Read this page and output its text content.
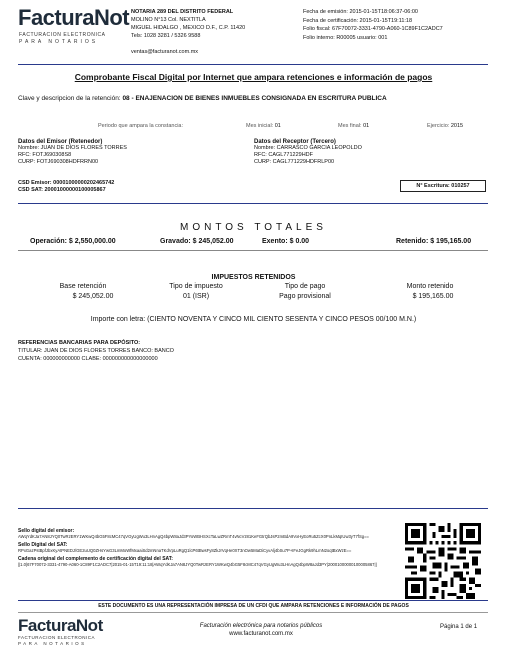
FacturaNot
FACTURACION ELECTRONICA
PARA NOTARIOS
NOTARIA 289 DEL DISTRITO FEDERAL
MOLINO N°13 Col. NEXTITLA
MIGUEL HIDALGO , MEXICO D.F., C.P. 11420
Tels: 1028 3281 / 5326 9588

ventas@facturanot.com.mx
Fecha de emisión: 2015-01-15T18:06:37-06:00
Fecha de certificación: 2015-01-15T19:11:18
Folio fiscal: 67F70072-3331-4790-A060-1C89F1C2ADC7
Folio interno: R00005 usuario: 001
Comprobante Fiscal Digital por Internet que ampara retenciones e información de pagos
Clave y descripcion de la retención: 08 - ENAJENACION DE BIENES INMUEBLES CONSIGNADA EN ESCRITURA PUBLICA
Periodo que ampara la constancia:	Mes inicial: 01	Mes final: 01	Ejercicio: 2015
Datos del Emisor (Retenedor)
Nombre: JUAN DE DIOS FLORES TORRES
RFC: FOTJ690308S8
CURP: FOTJ690308HDFRRN00
Datos del Receptor (Tercero)
Nombre: CARRASCO GARCIA LEOPOLDO
RFC: CAGL771229HDF
CURP: CAGL771229HDFRLP00
CSD Emisor: 00001000000202465742
CSD SAT: 20001000000100005867
N° Escritura: 010257
MONTOS TOTALES
Operación: $ 2,550,000.00	Gravado: $ 245,052.00	Exento: $ 0.00	Retenido: $ 195,165.00
IMPUESTOS RETENIDOS
Base retención	Tipo de impuesto	Tipo de pago	Monto retenido
$ 245,052.00	01 (ISR)	Pago provisional	$ 195,165.00
Importe con letra: (CIENTO NOVENTA Y CINCO MIL CIENTO SESENTA Y CINCO PESOS 00/100 M.N.)
REFERENCIAS BANCARIAS PARA DEPÓSITO:
TITULAR: JUAN DE DIOS FLORES TORRES BANCO: BANCO
CUENTA: 000000000000 CLABE: 000000000000000000
Sello digital del emisor:
AWqYdKJa7AN8JYQ0TwRzERY1WKwQ4bG5F8cMC47qVGyUgWu3LHnAgQ4bpW8aJd3PYoWBHSXcTaLwZRmT4vNcVz81KeFGtrQbJsP2mBdA9VxHyEoRu5ZcX0PnLkMqIUw3yT7fSg==
Sello Digital del SAT:
RPxGazPstBpfJbxKyAtPNEDJ/GE2uUQ0ZHsYwG3LmMoWfMxaaiSd2mNnaTKdVpLuRgQ1lcP6tBwsFy8ZkJrVqHe0XT3nOw5MaDiCyvAlj4bSu7P+IFeJGgRk9hLmN2oqtBxWzE==
Cadena original del complemento de certificación digital del SAT:
||1.0|67F70072-3331-4790-A060-1C89F1C2ADC7|2015-01-15T19:11:18|AWqYdKJa7AN8JYQ0TwRzERY1WKwQ4bG5F8cMC47qVGyUgWu3LHnAgQ4bpW8aJd3PY|20001000000100005867||
ESTE DOCUMENTO ES UNA REPRESENTACIÓN IMPRESA DE UN CFDI QUE AMPARA RETENCIONES E INFORMACIÓN DE PAGOS
FacturaNot
FACTURACION ELECTRONICA
PARA NOTARIOS
Facturación electrónica para notarios públicos
www.facturanot.com.mx
Página 1 de 1
